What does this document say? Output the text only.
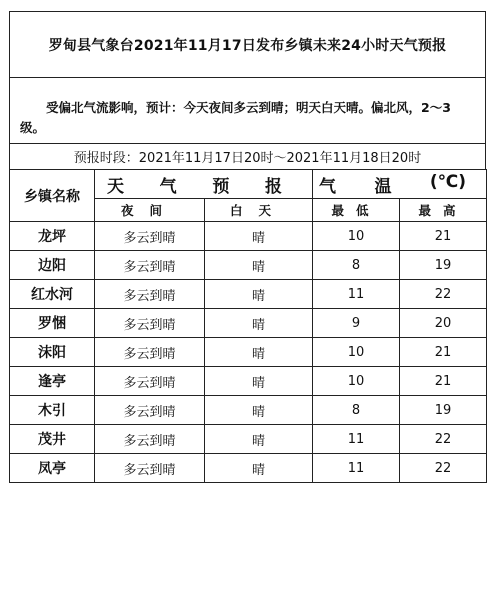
罗甸县气象台2021年11月17日发布乡镇未来24小时天气预报
受偏北气流影响，预计：今天夜间多云到晴；明天白天晴。偏北风，2～3级。
预报时段：2021年11月17日20时～2021年11月18日20时
乡镇名称	天 气 预 报		气 温 (℃)	

	夜间	白天	最低	最高
龙坪	多云到晴	晴	10	21
边阳	多云到晴	晴	8	19
红水河	多云到晴	晴	11	22
罗悃	多云到晴	晴	9	20
沫阳	多云到晴	晴	10	21
逢亭	多云到晴	晴	10	21
木引	多云到晴	晴	8	19
茂井	多云到晴	晴	11	22
凤亭	多云到晴	晴	11	22
